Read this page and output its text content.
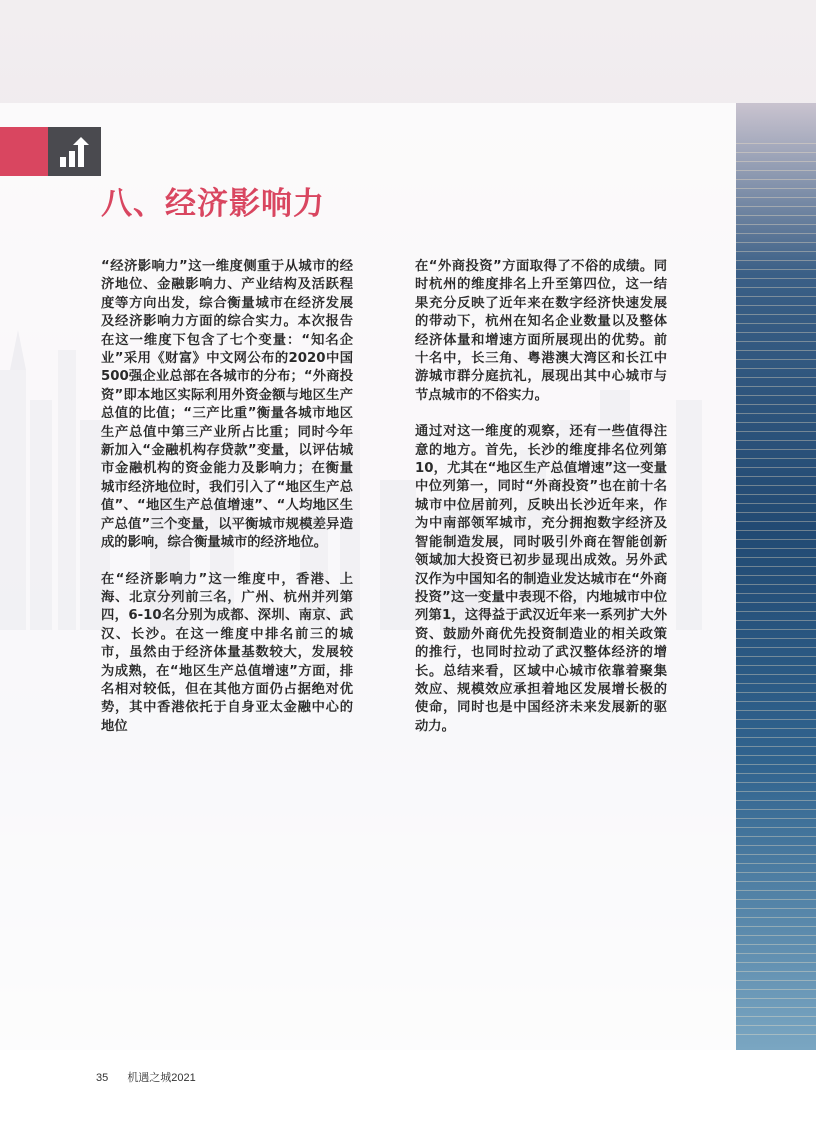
八、经济影响力

“经济影响力”这一维度侧重于从城市的经济地位、金融影响力、产业结构及活跃程度等方向出发，综合衡量城市在经济发展及经济影响力方面的综合实力。本次报告在这一维度下包含了七个变量：“知名企业”采用《财富》中文网公布的2020中国500强企业总部在各城市的分布；“外商投资”即本地区实际利用外资金额与地区生产总值的比值；“三产比重”衡量各城市地区生产总值中第三产业所占比重；同时今年新加入“金融机构存贷款”变量，以评估城市金融机构的资金能力及影响力；在衡量城市经济地位时，我们引入了“地区生产总值”、“地区生产总值增速”、“人均地区生产总值”三个变量，以平衡城市规模差异造成的影响，综合衡量城市的经济地位。

在“经济影响力”这一维度中，香港、上海、北京分列前三名，广州、杭州并列第四，6-10名分别为成都、深圳、南京、武汉、长沙。在这一维度中排名前三的城市，虽然由于经济体量基数较大，发展较为成熟，在“地区生产总值增速”方面，排名相对较低，但在其他方面仍占据绝对优势，其中香港依托于自身亚太金融中心的地位

在“外商投资”方面取得了不俗的成绩。同时杭州的维度排名上升至第四位，这一结果充分反映了近年来在数字经济快速发展的带动下，杭州在知名企业数量以及整体经济体量和增速方面所展现出的优势。前十名中，长三角、粤港澳大湾区和长江中游城市群分庭抗礼，展现出其中心城市与节点城市的不俗实力。

通过对这一维度的观察，还有一些值得注意的地方。首先，长沙的维度排名位列第10，尤其在“地区生产总值增速”这一变量中位列第一，同时“外商投资”也在前十名城市中位居前列，反映出长沙近年来，作为中南部领军城市，充分拥抱数字经济及智能制造发展，同时吸引外商在智能创新领域加大投资已初步显现出成效。另外武汉作为中国知名的制造业发达城市在“外商投资”这一变量中表现不俗，内地城市中位列第1，这得益于武汉近年来一系列扩大外资、鼓励外商优先投资制造业的相关政策的推行，也同时拉动了武汉整体经济的增长。总结来看，区域中心城市依靠着聚集效应、规模效应承担着地区发展增长极的使命，同时也是中国经济未来发展新的驱动力。

35 机遇之城2021
